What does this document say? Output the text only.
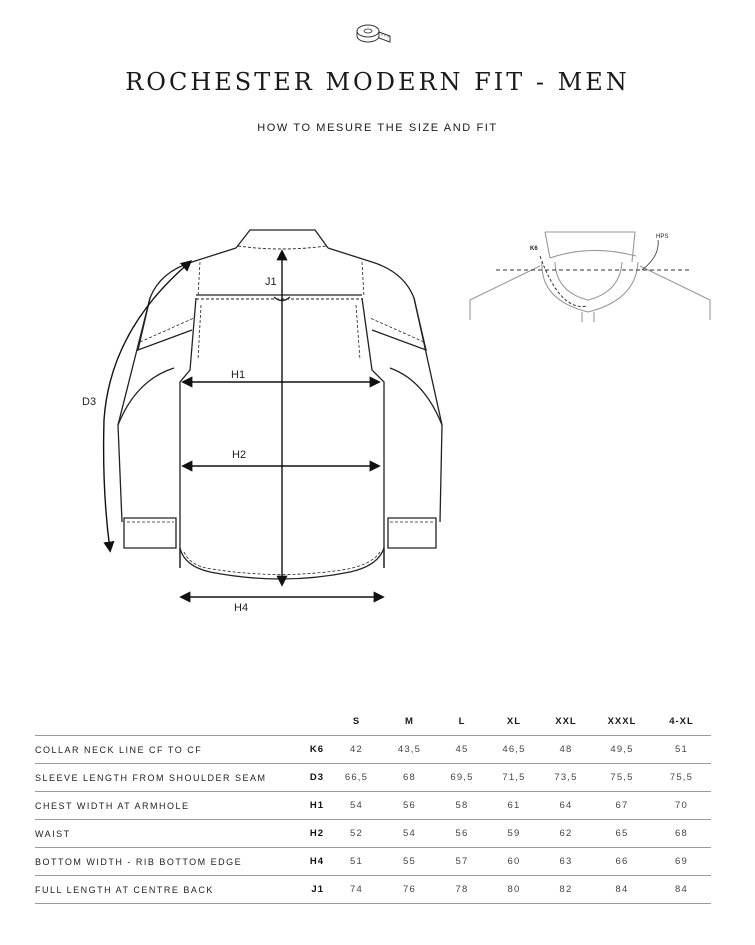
ROCHESTER MODERN FIT - MEN
HOW TO MESURE THE SIZE AND FIT
J1
H1
H2
H4
D3
K6
HPS
		S	M	L	XL	XXL	XXXL	4-XL
COLLAR NECK LINE CF TO CF	K6	42	43,5	45	46,5	48	49,5	51
SLEEVE LENGTH FROM SHOULDER SEAM	D3	66,5	68	69,5	71,5	73,5	75,5	75,5
CHEST WIDTH AT ARMHOLE	H1	54	56	58	61	64	67	70
WAIST	H2	52	54	56	59	62	65	68
BOTTOM WIDTH - RIB BOTTOM EDGE	H4	51	55	57	60	63	66	69
FULL LENGTH AT CENTRE BACK	J1	74	76	78	80	82	84	84
